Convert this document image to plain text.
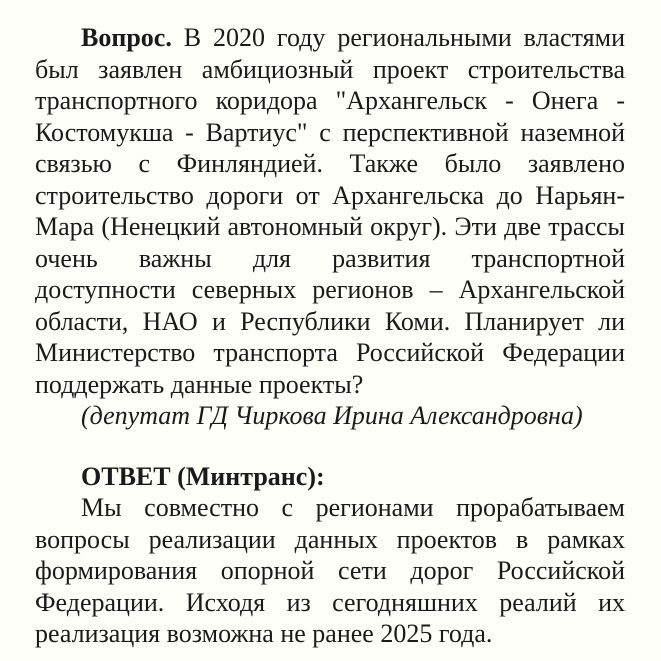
Вопрос. В 2020 году региональными властями был заявлен амбициозный проект строительства транспортного коридора "Архангельск - Онега - Костомукша - Вартиус" с перспективной наземной связью с Финляндией. Также было заявлено строительство дороги от Архангельска до Нарьян-Мара (Ненецкий автономный округ). Эти две трассы очень важны для развития транспортной доступности северных регионов – Архангельской области, НАО и Республики Коми. Планирует ли Министерство транспорта Российской Федерации поддержать данные проекты?

(депутат ГД Чиркова Ирина Александровна)

ОТВЕТ (Минтранс):

Мы совместно с регионами прорабатываем вопросы реализации данных проектов в рамках формирования опорной сети дорог Российской Федерации. Исходя из сегодняшних реалий их реализация возможна не ранее 2025 года.
